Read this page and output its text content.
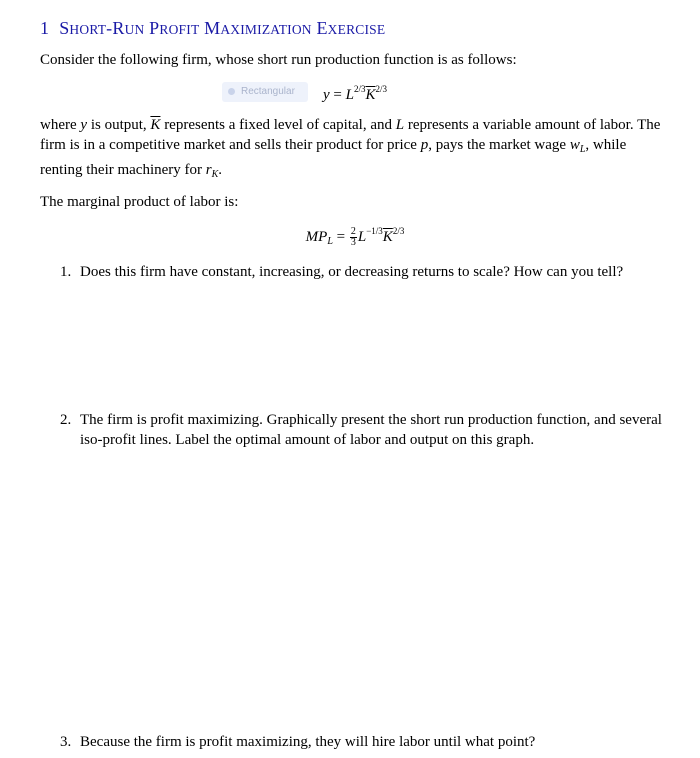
1 SHORT-RUN PROFIT MAXIMIZATION EXERCISE
Consider the following firm, whose short run production function is as follows:
Rectangular	$y = L^{2/3}\overline{K}^{2/3}$
where y is output, $\overline{K}$ represents a fixed level of capital, and L represents a variable amount of labor. The firm is in a competitive market and sells their product for price p, pays the market wage $w_L$, while renting their machinery for $r_K$.
The marginal product of labor is:
$MP_L = \frac{2}{3} L^{-1/3}\overline{K}^{2/3}$
1. Does this firm have constant, increasing, or decreasing returns to scale? How can you tell?
2. The firm is profit maximizing. Graphically present the short run production function, and several iso-profit lines. Label the optimal amount of labor and output on this graph.
3. Because the firm is profit maximizing, they will hire labor until what point?
